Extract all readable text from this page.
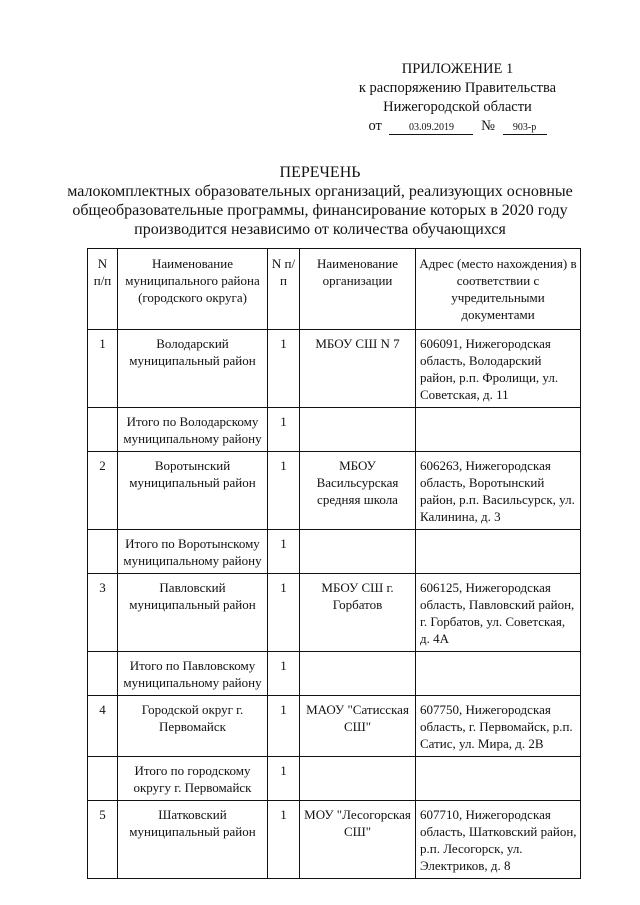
ПРИЛОЖЕНИЕ 1
к распоряжению Правительства
Нижегородской области
от	03.09.2019 № 903-р
ПЕРЕЧЕНЬ
малокомплектных образовательных организаций, реализующих основные
общеобразовательные программы, финансирование которых в 2020 году
производится независимо от количества обучающихся
N п/п	Наименование муниципального района (городского округа)	N п/п	Наименование организации	Адрес (место нахождения) в соответствии с учредительными документами
1	Володарский муниципальный район	1	МБОУ СШ N 7	606091, Нижегородская область, Володарский район, р.п. Фролищи, ул. Советская, д. 11
	Итого по Володарскому муниципальному району	1		
2	Воротынский муниципальный район	1	МБОУ Васильсурская средняя школа	606263, Нижегородская область, Воротынский район, р.п. Васильсурск, ул. Калинина, д. 3
	Итого по Воротынскому муниципальному району	1		
3	Павловский муниципальный район	1	МБОУ СШ г. Горбатов	606125, Нижегородская область, Павловский район, г. Горбатов, ул. Советская, д. 4А
	Итого по Павловскому муниципальному району	1		
4	Городской округ г. Первомайск	1	МАОУ "Сатисская СШ"	607750, Нижегородская область, г. Первомайск, р.п. Сатис, ул. Мира, д. 2В
	Итого по городскому округу г. Первомайск	1		
5	Шатковский муниципальный район	1	МОУ "Лесогорская СШ"	607710, Нижегородская область, Шатковский район, р.п. Лесогорск, ул. Электриков, д. 8
